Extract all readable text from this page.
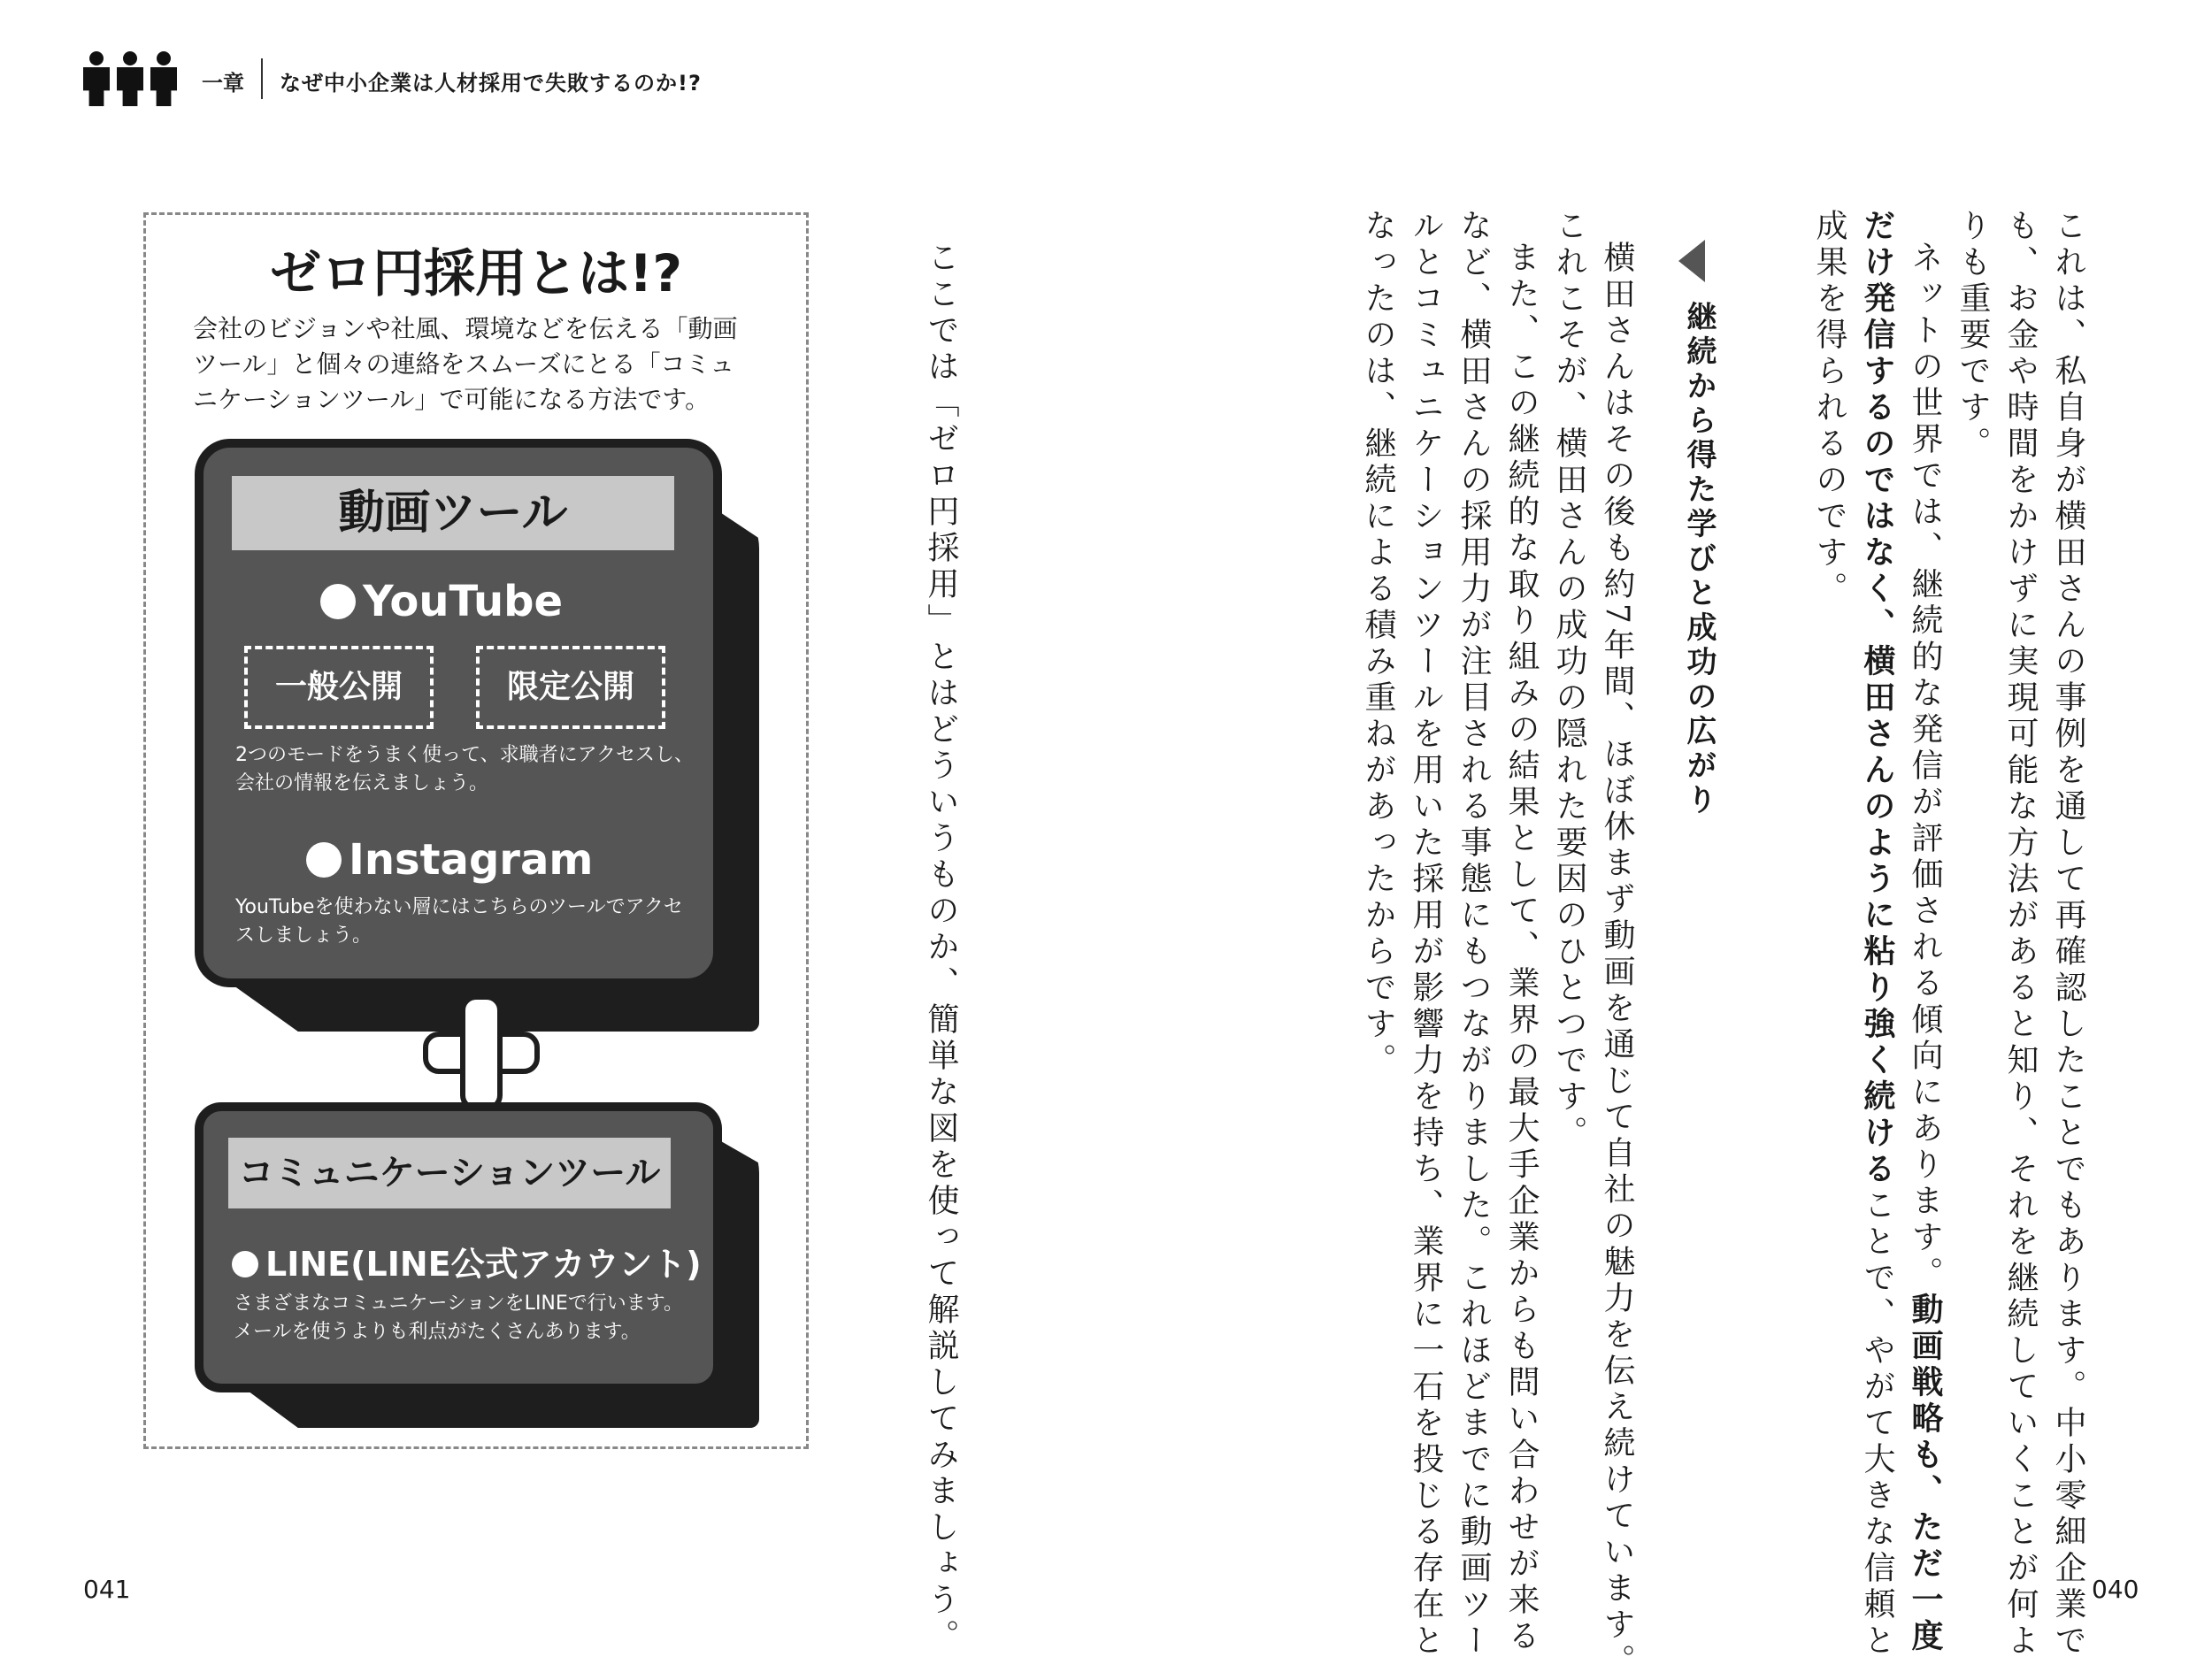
一章 なぜ中小企業は人材採用で失敗するのか!?
これは、私自身が横田さんの事例を通して再確認したことでもあります。中小零細企業で
も、お金や時間をかけずに実現可能な方法があると知り、それを継続していくことが何よ
りも重要です。
ネットの世界では、継続的な発信が評価される傾向にあります。動画戦略も、ただ一度
だけ発信するのではなく、横田さんのように粘り強く続けることで、やがて大きな信頼と
成果を得られるのです。
継続から得た学びと成功の広がり
横田さんはその後も約7年間、ほぼ休まず動画を通じて自社の魅力を伝え続けています。
これこそが、横田さんの成功の隠れた要因のひとつです。
また、この継続的な取り組みの結果として、業界の最大手企業からも問い合わせが来る
など、横田さんの採用力が注目される事態にもつながりました。これほどまでに動画ツー
ルとコミュニケーションツールを用いた採用が影響力を持ち、業界に一石を投じる存在と
なったのは、継続による積み重ねがあったからです。
ここでは「ゼロ円採用」とはどういうものか、簡単な図を使って解説してみましょう。
041	040
ゼロ円採用とは!?
会社のビジョンや社風、環境などを伝える「動画ツール」と個々の連絡をスムーズにとる「コミュニケーションツール」で可能になる方法です。
動画ツール
YouTube
一般公開	限定公開
2つのモードをうまく使って、求職者にアクセスし、会社の情報を伝えましょう。
Instagram
YouTubeを使わない層にはこちらのツールでアクセスしましょう。
コミュニケーションツール
LINE(LINE公式アカウント)
さまざまなコミュニケーションをLINEで行います。メールを使うよりも利点がたくさんあります。
